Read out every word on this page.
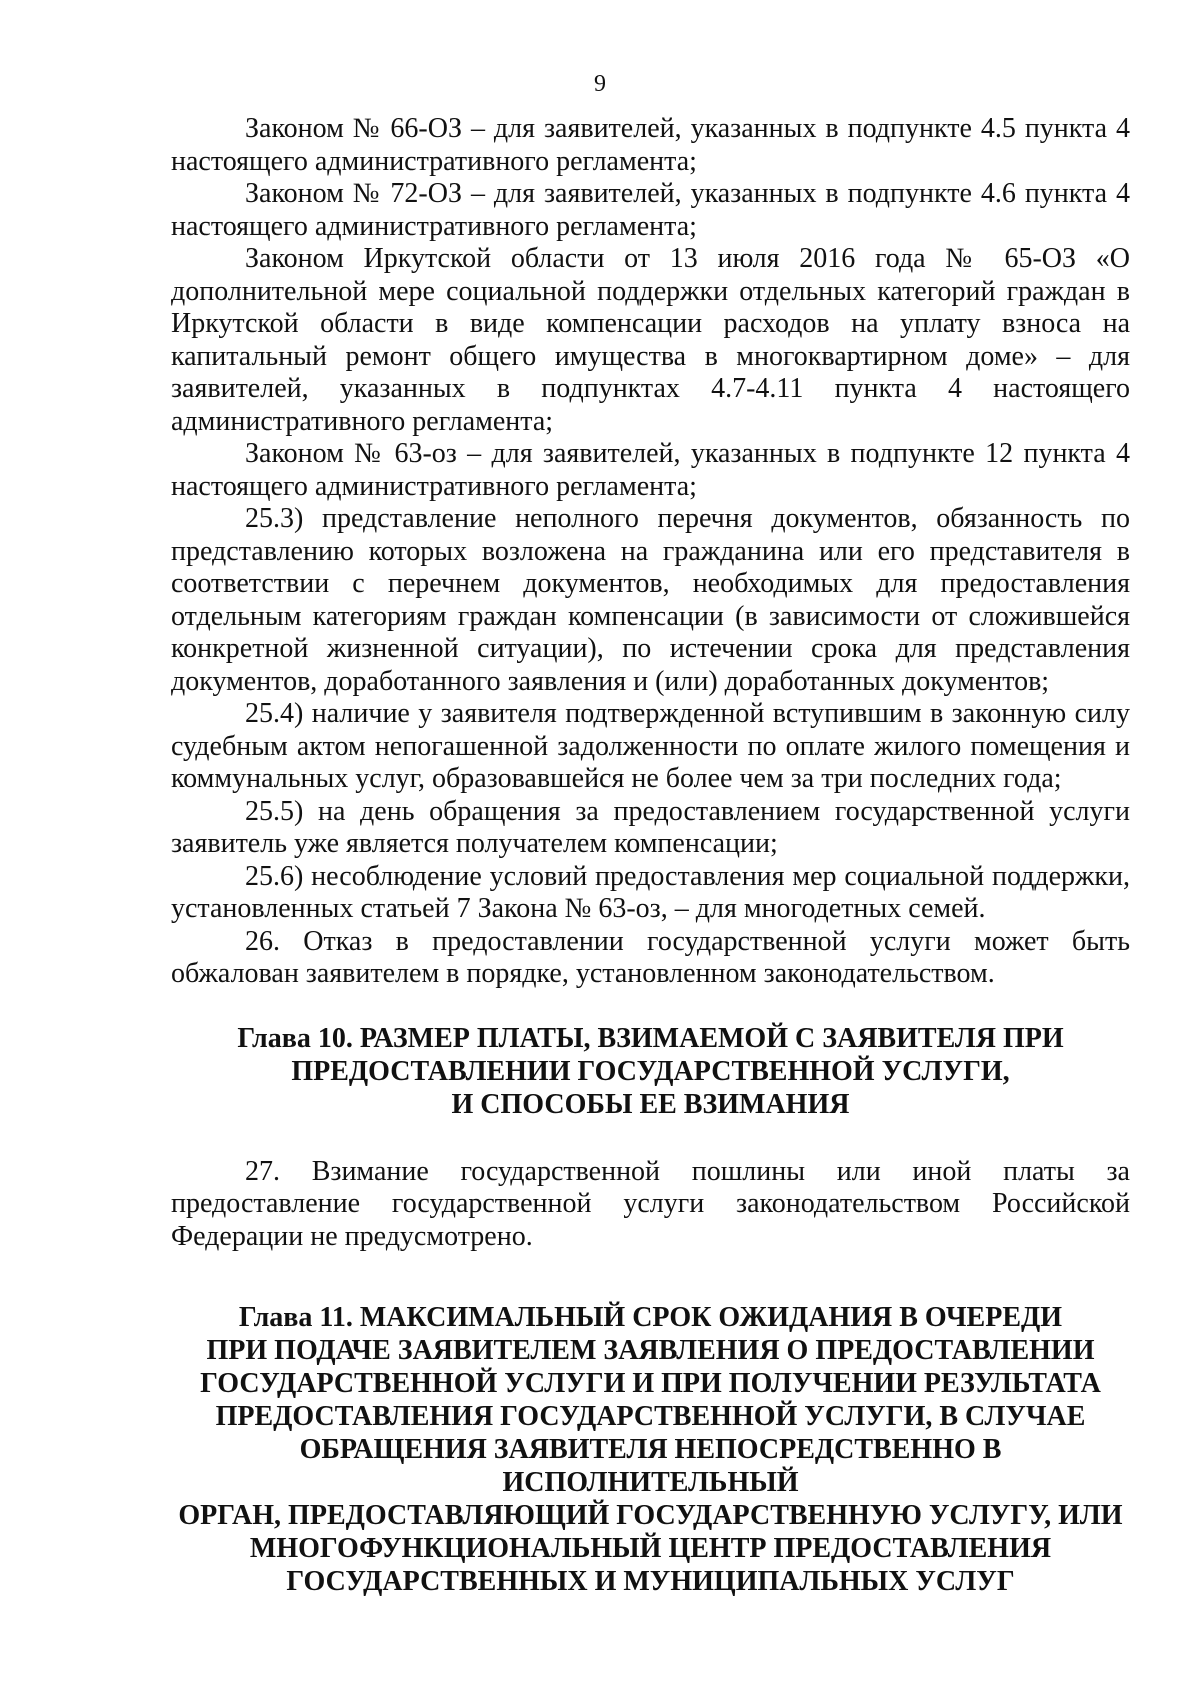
9

Законом № 66-ОЗ – для заявителей, указанных в подпункте 4.5 пункта 4 настоящего административного регламента;

Законом № 72-ОЗ – для заявителей, указанных в подпункте 4.6 пункта 4 настоящего административного регламента;

Законом Иркутской области от 13 июля 2016 года № 65-ОЗ «О дополнительной мере социальной поддержки отдельных категорий граждан в Иркутской области в виде компенсации расходов на уплату взноса на капитальный ремонт общего имущества в многоквартирном доме» – для заявителей, указанных в подпунктах 4.7-4.11 пункта 4 настоящего административного регламента;

Законом № 63-оз – для заявителей, указанных в подпункте 12 пункта 4 настоящего административного регламента;

25.3) представление неполного перечня документов, обязанность по представлению которых возложена на гражданина или его представителя в соответствии с перечнем документов, необходимых для предоставления отдельным категориям граждан компенсации (в зависимости от сложившейся конкретной жизненной ситуации), по истечении срока для представления документов, доработанного заявления и (или) доработанных документов;

25.4) наличие у заявителя подтвержденной вступившим в законную силу судебным актом непогашенной задолженности по оплате жилого помещения и коммунальных услуг, образовавшейся не более чем за три последних года;

25.5) на день обращения за предоставлением государственной услуги заявитель уже является получателем компенсации;

25.6) несоблюдение условий предоставления мер социальной поддержки, установленных статьей 7 Закона № 63-оз, – для многодетных семей.

26. Отказ в предоставлении государственной услуги может быть обжалован заявителем в порядке, установленном законодательством.

Глава 10. РАЗМЕР ПЛАТЫ, ВЗИМАЕМОЙ С ЗАЯВИТЕЛЯ ПРИ
ПРЕДОСТАВЛЕНИИ ГОСУДАРСТВЕННОЙ УСЛУГИ,
И СПОСОБЫ ЕЕ ВЗИМАНИЯ

27. Взимание государственной пошлины или иной платы за предоставление государственной услуги законодательством Российской Федерации не предусмотрено.

Глава 11. МАКСИМАЛЬНЫЙ СРОК ОЖИДАНИЯ В ОЧЕРЕДИ
ПРИ ПОДАЧЕ ЗАЯВИТЕЛЕМ ЗАЯВЛЕНИЯ О ПРЕДОСТАВЛЕНИИ
ГОСУДАРСТВЕННОЙ УСЛУГИ И ПРИ ПОЛУЧЕНИИ РЕЗУЛЬТАТА
ПРЕДОСТАВЛЕНИЯ ГОСУДАРСТВЕННОЙ УСЛУГИ, В СЛУЧАЕ
ОБРАЩЕНИЯ ЗАЯВИТЕЛЯ НЕПОСРЕДСТВЕННО В ИСПОЛНИТЕЛЬНЫЙ
ОРГАН, ПРЕДОСТАВЛЯЮЩИЙ ГОСУДАРСТВЕННУЮ УСЛУГУ, ИЛИ
МНОГОФУНКЦИОНАЛЬНЫЙ ЦЕНТР ПРЕДОСТАВЛЕНИЯ
ГОСУДАРСТВЕННЫХ И МУНИЦИПАЛЬНЫХ УСЛУГ
